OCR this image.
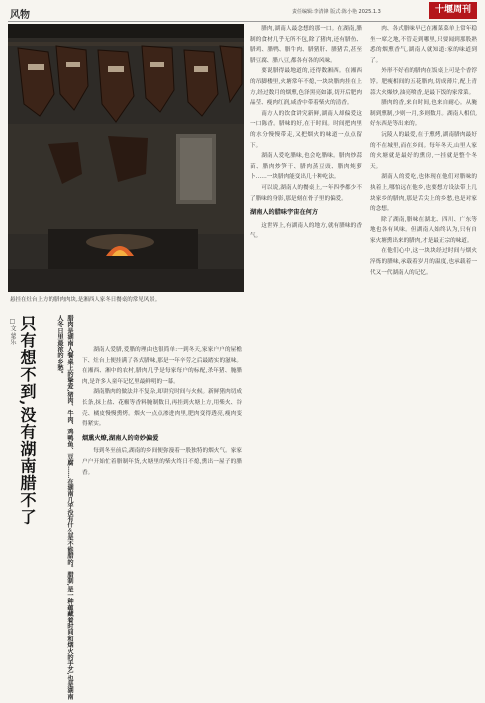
风物	责任编辑:李清锋 版式:陈小艳 2025.1.3	十堰周刊
悬挂在灶台上方的腊肉肉块,是湘西人家冬日餐桌的常见风景。
□文 蒙乐 只有想不到,没有湖南腊不了	腊肉是湖南人餐桌上的挚爱,猪肉、牛肉、鸡鸭鱼、豆腐……在湖南几乎没有什么是不能腊的。腊制,是一种蕴藏着时间和烟火的手艺,也是湖南人冬日里最浓的乡愁。	湖南人爱腊,爱腊的理由也很简单:一到冬天,家家户户的屋檐下、灶台上便挂满了各式腊味,那是一年辛劳之后最踏实的滋味。在湘西、湘中的农村,腊肉几乎是每家每户的标配,杀年猪、腌腊肉,是许多人童年记忆里最鲜明的一幕。
湖南腊肉的做法并不复杂,却讲究时间与火候。新鲜猪肉切成长条,抹上盐、花椒等香料腌制数日,再挂到火塘上方,用柴火、谷壳、橘皮慢慢熏烤。烟火一点点渗进肉里,肥肉变得透亮,瘦肉变得紧实。
烟熏火燎,湖南人的奇妙偏爱
每到冬至前后,湖南的乡间便弥漫着一股独特的烟火气。家家户户开始忙着腊制年货,火塘里的柴火终日不熄,熏出一屋子的腊香。
腊肉,湖南人最念想的那一口。在湖南,腊制的食材几乎无所不包,除了猪肉,还有腊鱼、腊鸡、腊鸭、腊牛肉、腊猪肝、腊猪舌,甚至腊豆腐、腊八豆,都各有各的风味。
要说腊得最地道的,还得数湘西。在湘西的吊脚楼里,火塘常年不熄,一块块腊肉挂在上方,经过数月的烟熏,色泽黑亮如漆,切开后肥肉晶莹、瘦肉红润,咸香中带着柴火的清香。
南方人的饮食讲究新鲜,湖南人却偏爱这一口陈香。腊味的好,在于时间。时间把肉里的水分慢慢带走,又把烟火的味道一点点留下。
湖南人爱吃腊味,也会吃腊味。腊肉炒蒜苗、腊肉炒笋干、腊肉蒸豆豉、腊肉炖萝卜……一块腊肉能变出几十种吃法。
可以说,湖南人的餐桌上,一年四季都少不了腊味的身影,那是刻在骨子里的偏爱。
湖南人的腊味宇宙在何方
这世界上,有湖南人的地方,就有腊味的香气。
肉、各式腊味早已在湘菜菜单上常年稳坐一席之地,不管走到哪里,只要闻到那股熟悉的烟熏香气,湖南人就知道:家的味道到了。
外形不好看的腊肉在饭桌上可是个香饽饽。肥瘦相间的五花腊肉,切成薄片,配上青蒜大火爆炒,油亮喷香,是最下饭的家常菜。
腊肉的香,来自时间,也来自耐心。从腌制到熏制,少则一月,多则数月。湖南人相信,好东西是等出来的。
沅陵人的最爱,在于熏烤,湖南腊肉最好的不在城里,而在乡间。每年冬天,山里人家的火塘就是最好的熏房,一挂就是整个冬天。
湖南人的爱吃,也体现在他们对腊味的执着上,哪怕远在他乡,也要想方设法带上几块家乡的腊肉,那是舌尖上的乡愁,也是对家的念想。
除了湖南,腊味在湖北、四川、广东等地也各有风味。但湖南人始终认为,只有自家火塘熏出来的腊肉,才是最正宗的味道。
在他们心中,这一块块经过时间与烟火淬炼的腊味,承载着岁月的温度,也承载着一代又一代湖南人的记忆。
